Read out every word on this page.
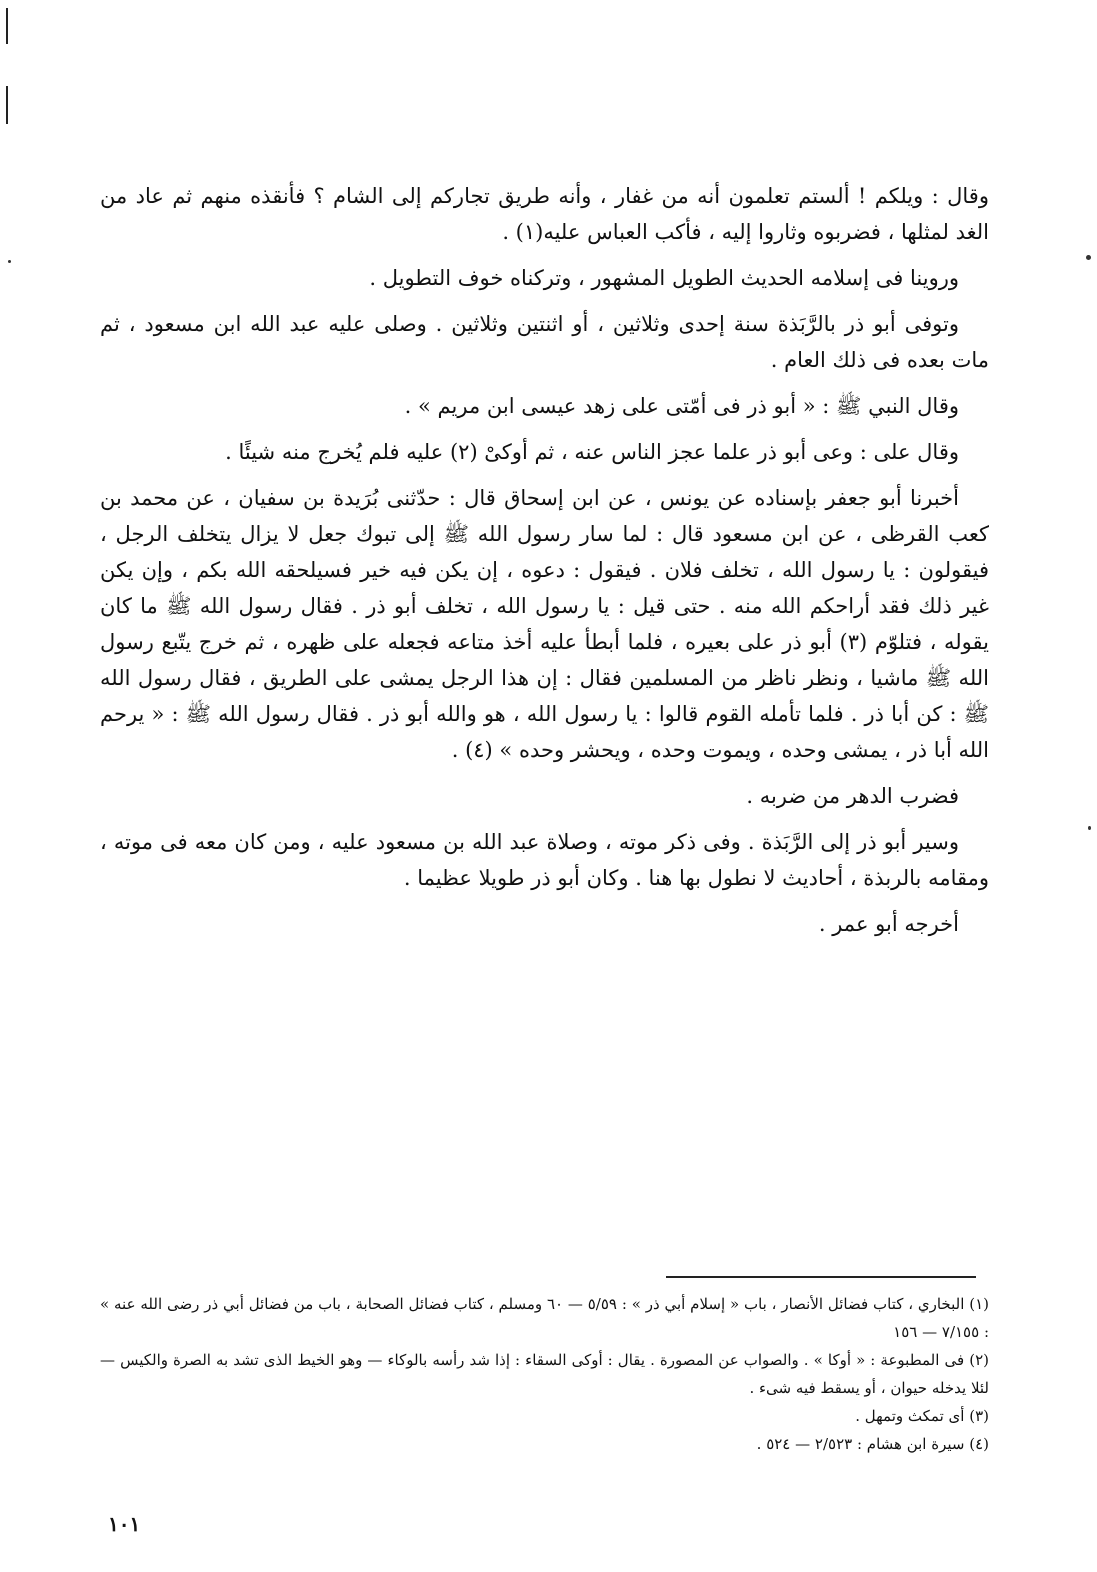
وقال : ويلكم ! ألستم تعلمون أنه من غفار ، وأنه طريق تجاركم إلى الشام ؟ فأنقذه منهم ثم عاد من الغد لمثلها ، فضربوه وثاروا إليه ، فأكب العباس عليه(١) .

وروينا فى إسلامه الحديث الطويل المشهور ، وتركناه خوف التطويل .

وتوفى أبو ذر بالرَّبَذة سنة إحدى وثلاثين ، أو اثنتين وثلاثين . وصلى عليه عبد الله ابن مسعود ، ثم مات بعده فى ذلك العام .

وقال النبي ﷺ : « أبو ذر فى أمّتى على زهد عيسى ابن مريم » .

وقال على : وعى أبو ذر علما عجز الناس عنه ، ثم أوكىْ (٢) عليه فلم يُخرج منه شيئًا .

أخبرنا أبو جعفر بإسناده عن يونس ، عن ابن إسحاق قال : حدّثنى بُرَيدة بن سفيان ، عن محمد بن كعب القرظى ، عن ابن مسعود قال : لما سار رسول الله ﷺ إلى تبوك جعل لا يزال يتخلف الرجل ، فيقولون : يا رسول الله ، تخلف فلان . فيقول : دعوه ، إن يكن فيه خير فسيلحقه الله بكم ، وإن يكن غير ذلك فقد أراحكم الله منه . حتى قيل : يا رسول الله ، تخلف أبو ذر . فقال رسول الله ﷺ ما كان يقوله ، فتلوّم (٣) أبو ذر على بعيره ، فلما أبطأ عليه أخذ متاعه فجعله على ظهره ، ثم خرج يتّبع رسول الله ﷺ ماشيا ، ونظر ناظر من المسلمين فقال : إن هذا الرجل يمشى على الطريق ، فقال رسول الله ﷺ : كن أبا ذر . فلما تأمله القوم قالوا : يا رسول الله ، هو والله أبو ذر . فقال رسول الله ﷺ : « يرحم الله أبا ذر ، يمشى وحده ، ويموت وحده ، ويحشر وحده » (٤) .

فضرب الدهر من ضربه .

وسير أبو ذر إلى الرَّبَذة . وفى ذكر موته ، وصلاة عبد الله بن مسعود عليه ، ومن كان معه فى موته ، ومقامه بالربذة ، أحاديث لا نطول بها هنا . وكان أبو ذر طويلا عظيما .

أخرجه أبو عمر .

(١) البخاري ، كتاب فضائل الأنصار ، باب « إسلام أبي ذر » : ٥/٥٩ — ٦٠ ومسلم ، كتاب فضائل الصحابة ، باب من فضائل أبي ذر رضى الله عنه » : ٧/١٥٥ — ١٥٦

(٢) فى المطبوعة : « أوكا » . والصواب عن المصورة . يقال : أوكى السقاء : إذا شد رأسه بالوكاء — وهو الخيط الذى تشد به الصرة والكيس — لئلا يدخله حيوان ، أو يسقط فيه شىء .

(٣) أى تمكث وتمهل .

(٤) سيرة ابن هشام : ٢/٥٢٣ — ٥٢٤ .

١٠١
